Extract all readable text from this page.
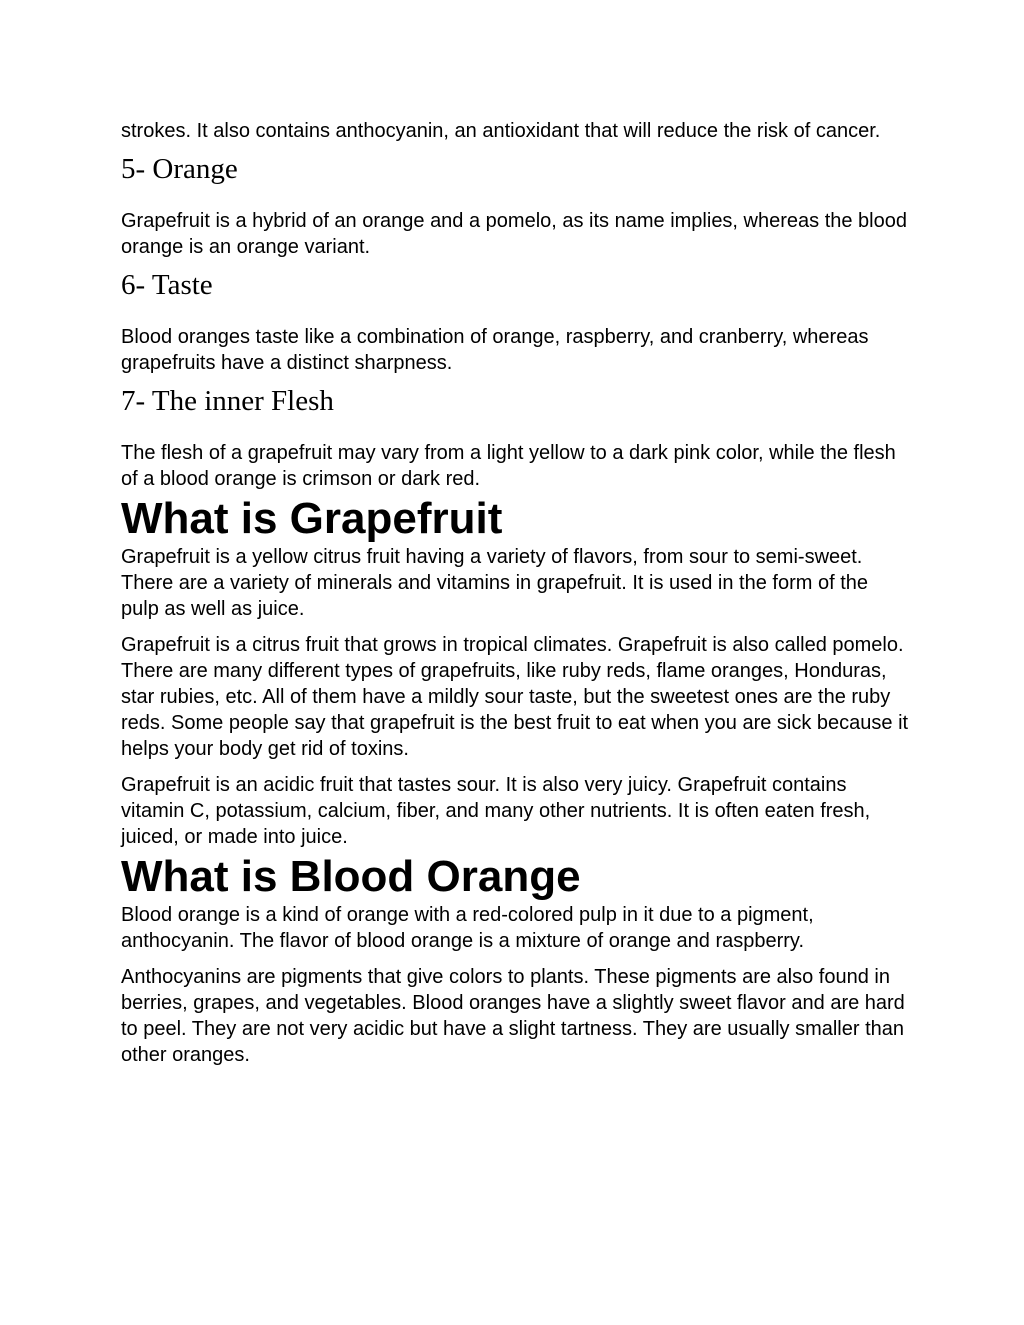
strokes. It also contains anthocyanin, an antioxidant that will reduce the risk of cancer.

5- Orange

Grapefruit is a hybrid of an orange and a pomelo, as its name implies, whereas the blood orange is an orange variant.

6- Taste

Blood oranges taste like a combination of orange, raspberry, and cranberry, whereas grapefruits have a distinct sharpness.

7- The inner Flesh

The flesh of a grapefruit may vary from a light yellow to a dark pink color, while the flesh of a blood orange is crimson or dark red.

What is Grapefruit

Grapefruit is a yellow citrus fruit having a variety of flavors, from sour to semi-sweet. There are a variety of minerals and vitamins in grapefruit. It is used in the form of the pulp as well as juice.

Grapefruit is a citrus fruit that grows in tropical climates. Grapefruit is also called pomelo. There are many different types of grapefruits, like ruby reds, flame oranges, Honduras, star rubies, etc. All of them have a mildly sour taste, but the sweetest ones are the ruby reds. Some people say that grapefruit is the best fruit to eat when you are sick because it helps your body get rid of toxins.

Grapefruit is an acidic fruit that tastes sour. It is also very juicy. Grapefruit contains vitamin C, potassium, calcium, fiber, and many other nutrients. It is often eaten fresh, juiced, or made into juice.

What is Blood Orange

Blood orange is a kind of orange with a red-colored pulp in it due to a pigment, anthocyanin. The flavor of blood orange is a mixture of orange and raspberry.

Anthocyanins are pigments that give colors to plants. These pigments are also found in berries, grapes, and vegetables. Blood oranges have a slightly sweet flavor and are hard to peel. They are not very acidic but have a slight tartness. They are usually smaller than other oranges.
